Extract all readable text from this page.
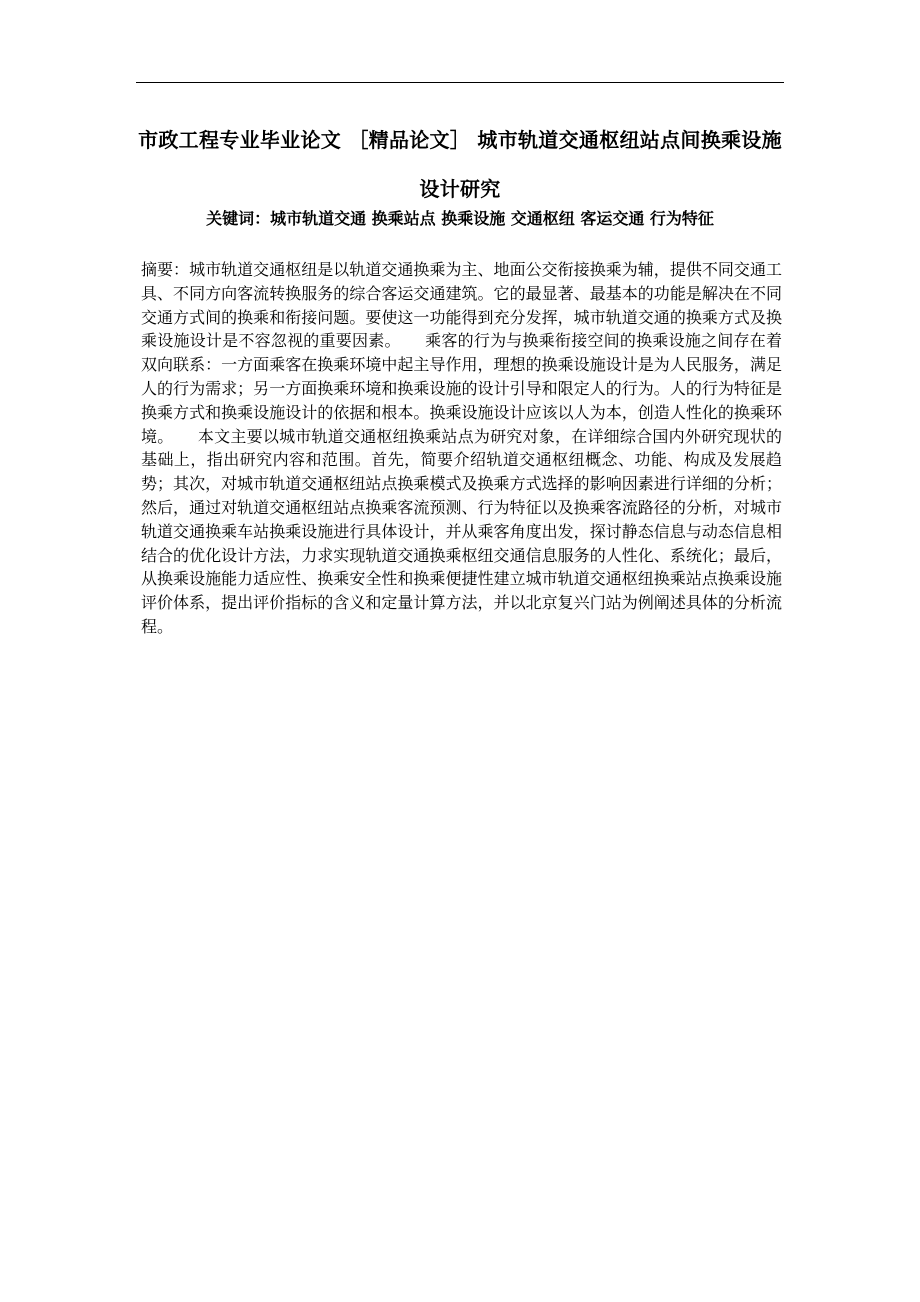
市政工程专业毕业论文 ［精品论文］ 城市轨道交通枢纽站点间换乘设施设计研究

关键词：城市轨道交通 换乘站点 换乘设施 交通枢纽 客运交通 行为特征

摘要：城市轨道交通枢纽是以轨道交通换乘为主、地面公交衔接换乘为辅，提供不同交通工具、不同方向客流转换服务的综合客运交通建筑。它的最显著、最基本的功能是解决在不同交通方式间的换乘和衔接问题。要使这一功能得到充分发挥，城市轨道交通的换乘方式及换乘设施设计是不容忽视的重要因素。　　乘客的行为与换乘衔接空间的换乘设施之间存在着双向联系：一方面乘客在换乘环境中起主导作用，理想的换乘设施设计是为人民服务，满足人的行为需求；另一方面换乘环境和换乘设施的设计引导和限定人的行为。人的行为特征是换乘方式和换乘设施设计的依据和根本。换乘设施设计应该以人为本，创造人性化的换乘环境。　　本文主要以城市轨道交通枢纽换乘站点为研究对象，在详细综合国内外研究现状的基础上，指出研究内容和范围。首先，简要介绍轨道交通枢纽概念、功能、构成及发展趋势；其次，对城市轨道交通枢纽站点换乘模式及换乘方式选择的影响因素进行详细的分析；然后，通过对轨道交通枢纽站点换乘客流预测、行为特征以及换乘客流路径的分析，对城市轨道交通换乘车站换乘设施进行具体设计，并从乘客角度出发，探讨静态信息与动态信息相结合的优化设计方法，力求实现轨道交通换乘枢纽交通信息服务的人性化、系统化；最后，从换乘设施能力适应性、换乘安全性和换乘便捷性建立城市轨道交通枢纽换乘站点换乘设施评价体系，提出评价指标的含义和定量计算方法，并以北京复兴门站为例阐述具体的分析流程。
